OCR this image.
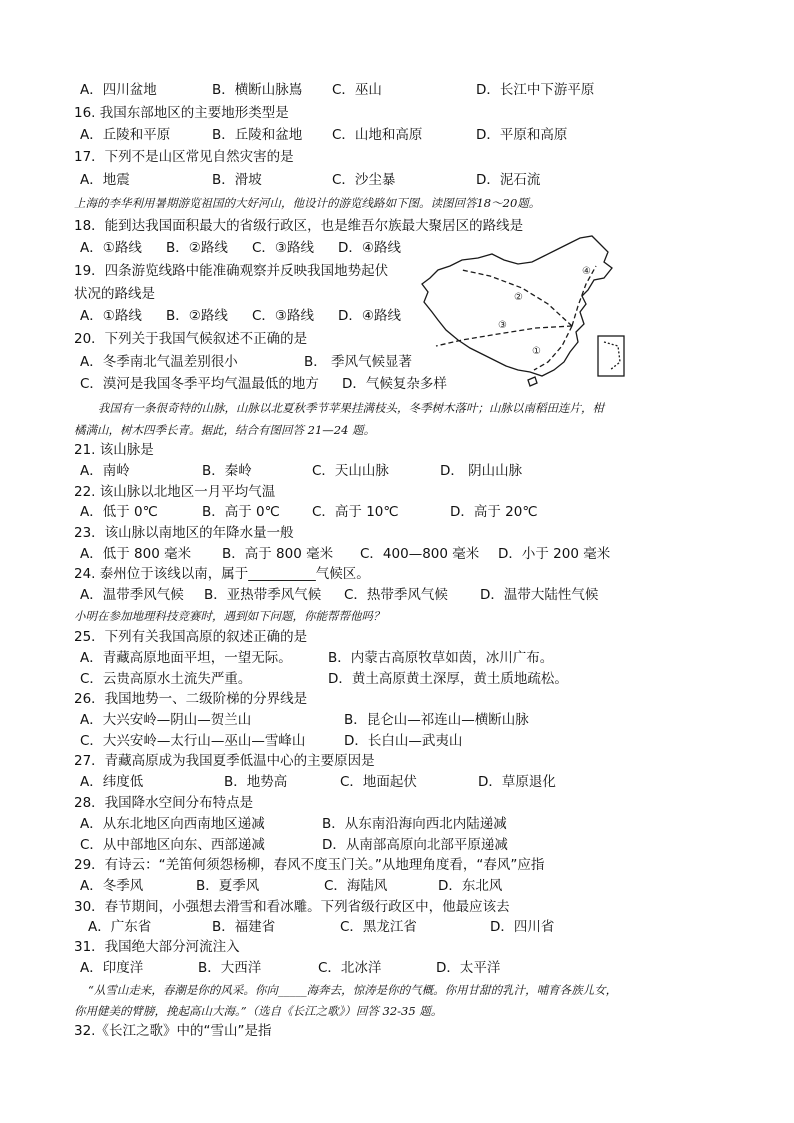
A．四川盆地	B．横断山脉嶌 C．巫山	D．长江中下游平原
16. 我国东部地区的主要地形类型是
A．丘陵和平原	B．丘陵和盆地 C．山地和高原	D．平原和高原
17．下列不是山区常见自然灾害的是
A．地震	B．滑坡	C．沙尘暴	D．泥石流
上海的李华利用暑期游览祖国的大好河山，他设计的游览线路如下图。读图回答18～20题。
18．能到达我国面积最大的省级行政区，也是维吾尔族最大聚居区的路线是
A．①路线 B．②路线 C．③路线 D．④路线
19．四条游览线路中能准确观察并反映我国地势起伏
状况的路线是
A．①路线 B．②路线 C．③路线 D．④路线
20．下列关于我国气候叙述不正确的是
A．冬季南北气温差别很小	B． 季风气候显著
C．漠河是我国冬季平均气温最低的地方 D．气候复杂多样
①
②
③
④
我国有一条很奇特的山脉，山脉以北夏秋季节苹果挂满枝头，冬季树木落叶；山脉以南稻田连片，柑
橘满山，树木四季长青。据此，结合有图回答 21—24 题。
21. 该山脉是
A．南岭	B．秦岭	C．天山山脉	D． 阴山山脉
22. 该山脉以北地区一月平均气温
A．低于 0℃	B．高于 0℃ C．高于 10℃	D．高于 20℃
23．该山脉以南地区的年降水量一般
A．低于 800 毫米 B．高于 800 毫米 C．400—800 毫米 D．小于 200 毫米
24. 泰州位于该线以南，属于__________气候区。
A．温带季风气候 B．亚热带季风气候 C．热带季风气候 D．温带大陆性气候
小明在参加地理科技竞赛时，遇到如下问题，你能帮帮他吗？
25．下列有关我国高原的叙述正确的是
A．青藏高原地面平坦，一望无际。	B．内蒙古高原牧草如茵，冰川广布。
C．云贵高原水土流失严重。	D．黄土高原黄土深厚，黄土质地疏松。
26．我国地势一、二级阶梯的分界线是
A．大兴安岭—阴山—贺兰山	B．昆仑山—祁连山—横断山脉
C．大兴安岭—太行山—巫山—雪峰山	D．长白山—武夷山
27．青藏高原成为我国夏季低温中心的主要原因是
A．纬度低	B．地势高	C．地面起伏	D．草原退化
28．我国降水空间分布特点是
A．从东北地区向西南地区递减	B．从东南沿海向西北内陆递减
C．从中部地区向东、西部递减	D．从南部高原向北部平原递减
29．有诗云：“羌笛何须怨杨柳，春风不度玉门关。”从地理角度看，“春风”应指
A．冬季风	B．夏季风	C．海陆风	D．东北风
30．春节期间，小强想去滑雪和看冰雕。下列省级行政区中，他最应该去
A．广东省	B．福建省	C．黑龙江省	D．四川省
31．我国绝大部分河流注入
A．印度洋	B．大西洋	C．北冰洋	D．太平洋
“从雪山走来，春潮是你的风采。你向_____海奔去，惊涛是你的气概。你用甘甜的乳汁，哺育各族儿女，
你用健美的臂膀，挽起高山大海。”（选自《长江之歌》）回答 32-35 题。
32.《长江之歌》中的“雪山”是指
